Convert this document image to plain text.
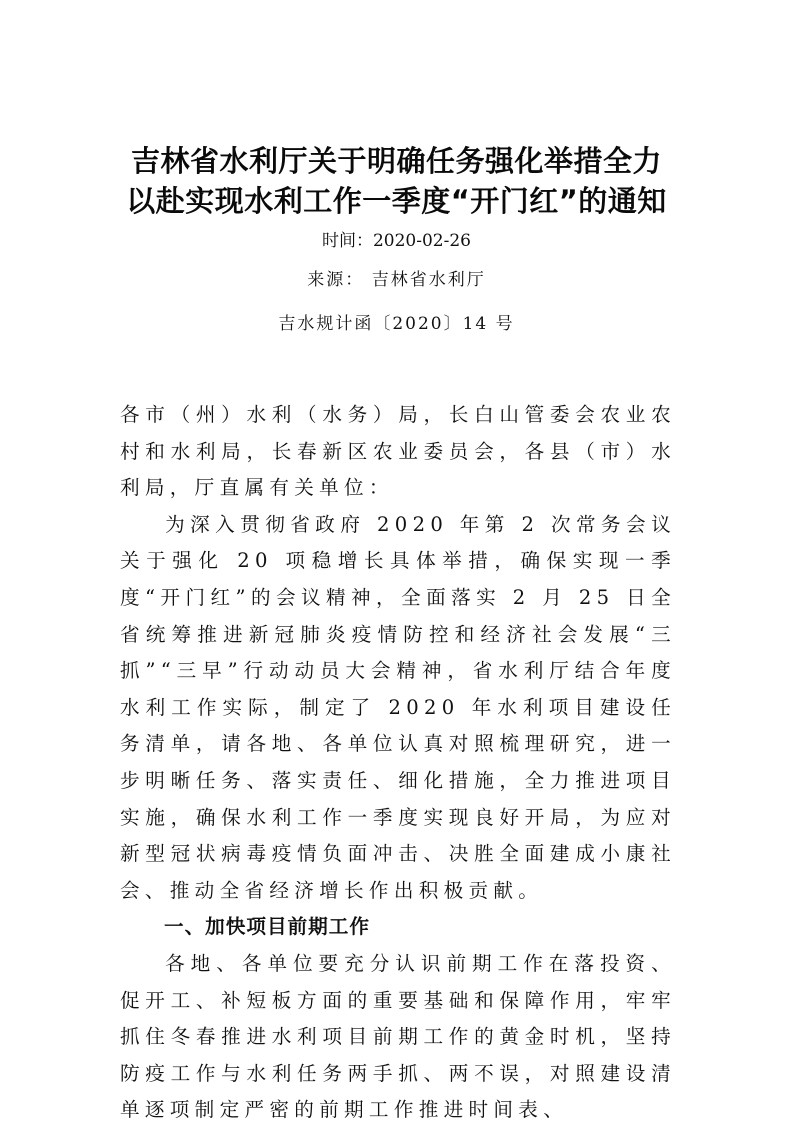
吉林省水利厅关于明确任务强化举措全力
以赴实现水利工作一季度“开门红”的通知
时间：2020-02-26
来源： 吉林省水利厅
吉水规计函〔2020〕14 号

各市（州）水利（水务）局，长白山管委会农业农村和水利局，长春新区农业委员会，各县（市）水利局，厅直属有关单位：

为深入贯彻省政府 2020 年第 2 次常务会议关于强化 20 项稳增长具体举措，确保实现一季度“开门红”的会议精神，全面落实 2 月 25 日全省统筹推进新冠肺炎疫情防控和经济社会发展“三抓”“三早”行动动员大会精神，省水利厅结合年度水利工作实际，制定了 2020 年水利项目建设任务清单，请各地、各单位认真对照梳理研究，进一步明晰任务、落实责任、细化措施，全力推进项目实施，确保水利工作一季度实现良好开局，为应对新型冠状病毒疫情负面冲击、决胜全面建成小康社会、推动全省经济增长作出积极贡献。

一、加快项目前期工作

各地、各单位要充分认识前期工作在落投资、促开工、补短板方面的重要基础和保障作用，牢牢抓住冬春推进水利项目前期工作的黄金时机，坚持防疫工作与水利任务两手抓、两不误，对照建设清单逐项制定严密的前期工作推进时间表、
